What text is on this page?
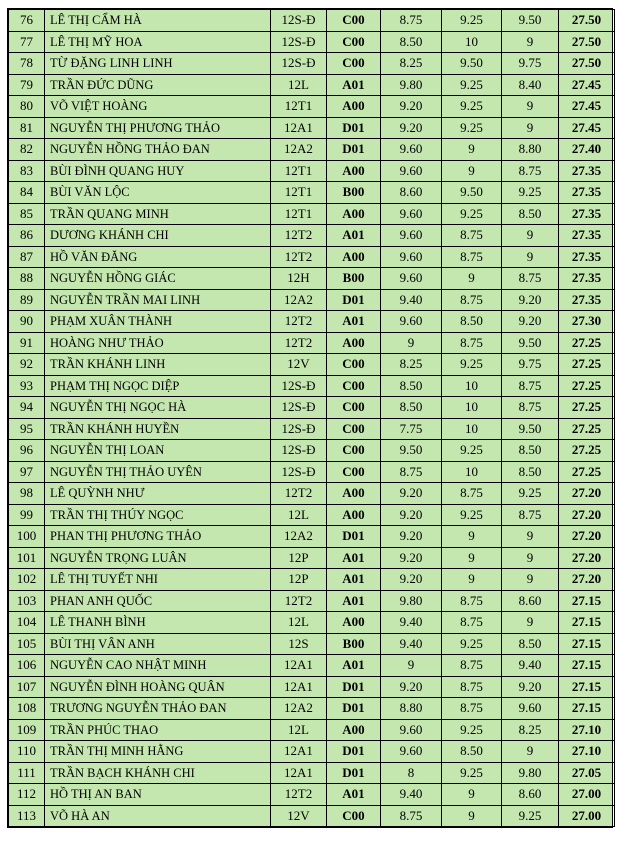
76	LÊ THỊ CẨM HÀ	12S-Đ	C00	8.75	9.25	9.50	27.50
77	LÊ THỊ MỸ HOA	12S-Đ	C00	8.50	10	9	27.50
78	TỪ ĐẶNG LINH LINH	12S-Đ	C00	8.25	9.50	9.75	27.50
79	TRẦN ĐỨC DŨNG	12L	A01	9.80	9.25	8.40	27.45
80	VÕ VIỆT HOÀNG	12T1	A00	9.20	9.25	9	27.45
81	NGUYỄN THỊ PHƯƠNG THẢO	12A1	D01	9.20	9.25	9	27.45
82	NGUYỄN HỒNG THẢO ĐAN	12A2	D01	9.60	9	8.80	27.40
83	BÙI ĐÌNH QUANG HUY	12T1	A00	9.60	9	8.75	27.35
84	BÙI VĂN LỘC	12T1	B00	8.60	9.50	9.25	27.35
85	TRẦN QUANG MINH	12T1	A00	9.60	9.25	8.50	27.35
86	DƯƠNG KHÁNH CHI	12T2	A01	9.60	8.75	9	27.35
87	HỒ VĂN ĐĂNG	12T2	A00	9.60	8.75	9	27.35
88	NGUYỄN HỒNG GIÁC	12H	B00	9.60	9	8.75	27.35
89	NGUYỄN TRẦN MAI LINH	12A2	D01	9.40	8.75	9.20	27.35
90	PHẠM XUÂN THÀNH	12T2	A01	9.60	8.50	9.20	27.30
91	HOÀNG NHƯ THẢO	12T2	A00	9	8.75	9.50	27.25
92	TRẦN KHÁNH LINH	12V	C00	8.25	9.25	9.75	27.25
93	PHẠM THỊ NGỌC DIỆP	12S-Đ	C00	8.50	10	8.75	27.25
94	NGUYỄN THỊ NGỌC HÀ	12S-Đ	C00	8.50	10	8.75	27.25
95	TRẦN KHÁNH HUYỀN	12S-Đ	C00	7.75	10	9.50	27.25
96	NGUYỄN THỊ LOAN	12S-Đ	C00	9.50	9.25	8.50	27.25
97	NGUYỄN THỊ THẢO UYÊN	12S-Đ	C00	8.75	10	8.50	27.25
98	LÊ QUỲNH NHƯ	12T2	A00	9.20	8.75	9.25	27.20
99	TRẦN THỊ THÚY NGỌC	12L	A00	9.20	9.25	8.75	27.20
100	PHAN THỊ PHƯƠNG THẢO	12A2	D01	9.20	9	9	27.20
101	NGUYỄN TRỌNG LUÂN	12P	A01	9.20	9	9	27.20
102	LÊ THỊ TUYẾT NHI	12P	A01	9.20	9	9	27.20
103	PHAN ANH QUỐC	12T2	A01	9.80	8.75	8.60	27.15
104	LÊ THANH BÌNH	12L	A00	9.40	8.75	9	27.15
105	BÙI THỊ VÂN ANH	12S	B00	9.40	9.25	8.50	27.15
106	NGUYỄN CAO NHẬT MINH	12A1	A01	9	8.75	9.40	27.15
107	NGUYỄN ĐÌNH HOÀNG QUÂN	12A1	D01	9.20	8.75	9.20	27.15
108	TRƯƠNG NGUYỄN THẢO ĐAN	12A2	D01	8.80	8.75	9.60	27.15
109	TRẦN PHÚC THAO	12L	A00	9.60	9.25	8.25	27.10
110	TRẦN THỊ MINH HẰNG	12A1	D01	9.60	8.50	9	27.10
111	TRẦN BẠCH KHÁNH CHI	12A1	D01	8	9.25	9.80	27.05
112	HỒ THỊ AN BAN	12T2	A01	9.40	9	8.60	27.00
113	VÕ HÀ AN	12V	C00	8.75	9	9.25	27.00
